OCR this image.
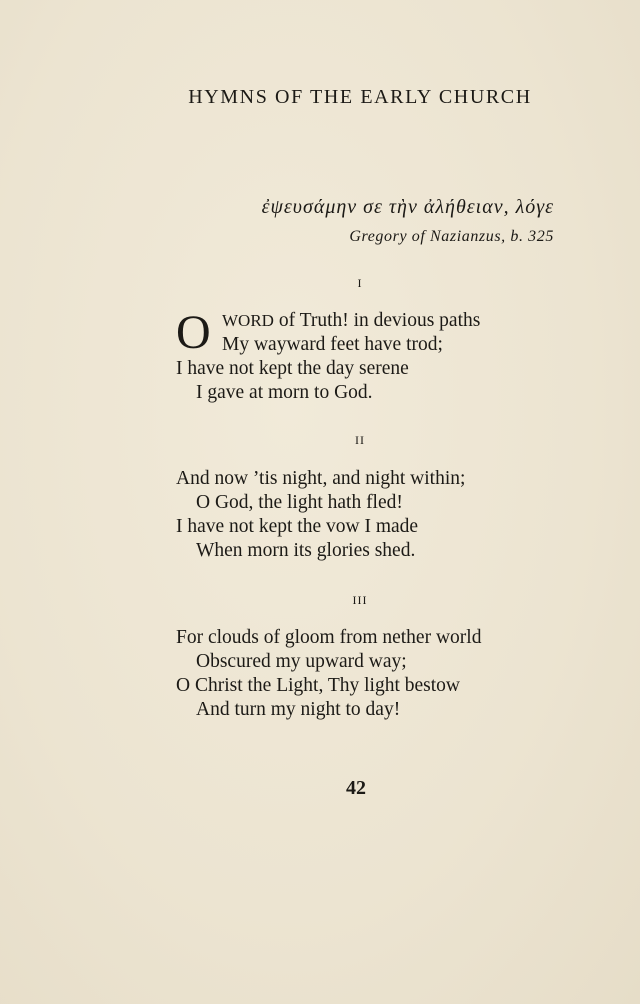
HYMNS OF THE EARLY CHURCH
ἐψευσάμην σε τὴν ἀλήθειαν, λόγε
Gregory of Nazianzus, b. 325
I
O WORD of Truth! in devious paths
My wayward feet have trod;
I have not kept the day serene
I gave at morn to God.
II
And now ’tis night, and night within;
O God, the light hath fled!
I have not kept the vow I made
When morn its glories shed.
III
For clouds of gloom from nether world
Obscured my upward way;
O Christ the Light, Thy light bestow
And turn my night to day!
42
